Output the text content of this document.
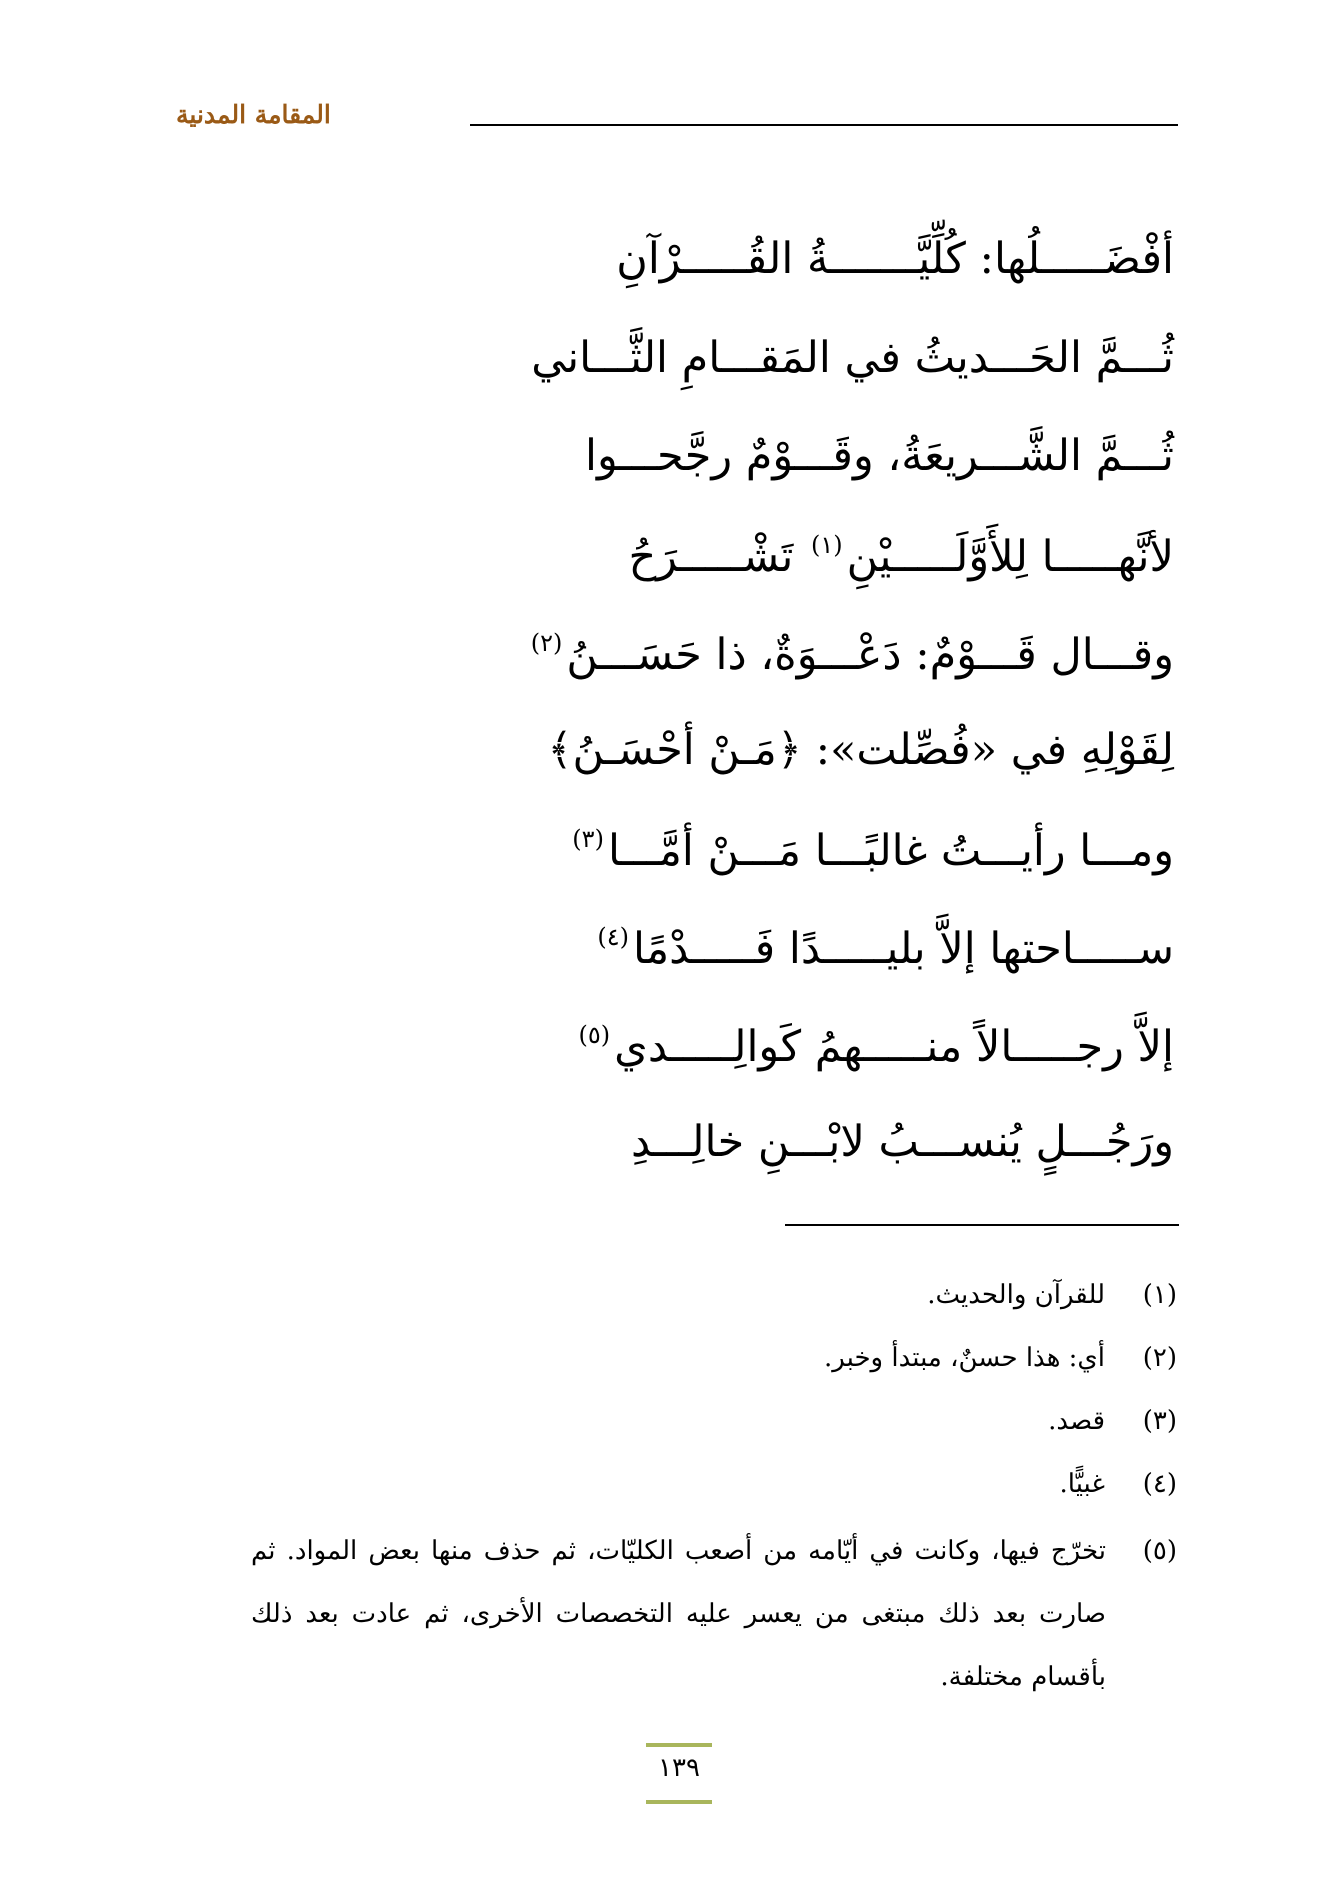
المقامة المدنية
أفْضَـــــلُها: كُلِّيَّـــــــةُ القُـــــرْآنِ
ثُـــمَّ الحَـــديثُ في المَقـــامِ الثَّـــاني
ثُـــمَّ الشَّـــريعَةُ، وقَـــوْمٌ رجَّحـــوا
لأنَّهـــــا لِلأَوَّلَـــــيْنِ$^{(١)}$ تَشْـــــرَحُ
وقـــال قَـــوْمٌ: دَعْـــوَةٌ، ذا حَسَـــنُ$^{(٢)}$
لِقَوْلِهِ في «فُصِّلت»: ﴿مَـنْ أحْسَـنُ﴾
ومـــا رأيـــتُ غالبًـــا مَـــنْ أمَّـــا$^{(٣)}$
ســـــاحتها إلاَّ بليـــــدًا فَـــــدْمًا$^{(٤)}$
إلاَّ رجـــــالاً منـــــهمُ كَوالِـــــدي$^{(٥)}$
ورَجُـــلٍ يُنســـبُ لابْـــنِ خالِـــدِ
(١)للقرآن والحديث.
(٢)أي: هذا حسنٌ، مبتدأ وخبر.
(٣)قصد.
(٤)غبيًّا.
(٥)
تخرّج فيها، وكانت في أيّامه من أصعب الكليّات، ثم حذف منها بعض المواد. ثم صارت بعد ذلك مبتغى من يعسر عليه التخصصات الأخرى، ثم عادت بعد ذلك بأقسام مختلفة.
١٣٩
